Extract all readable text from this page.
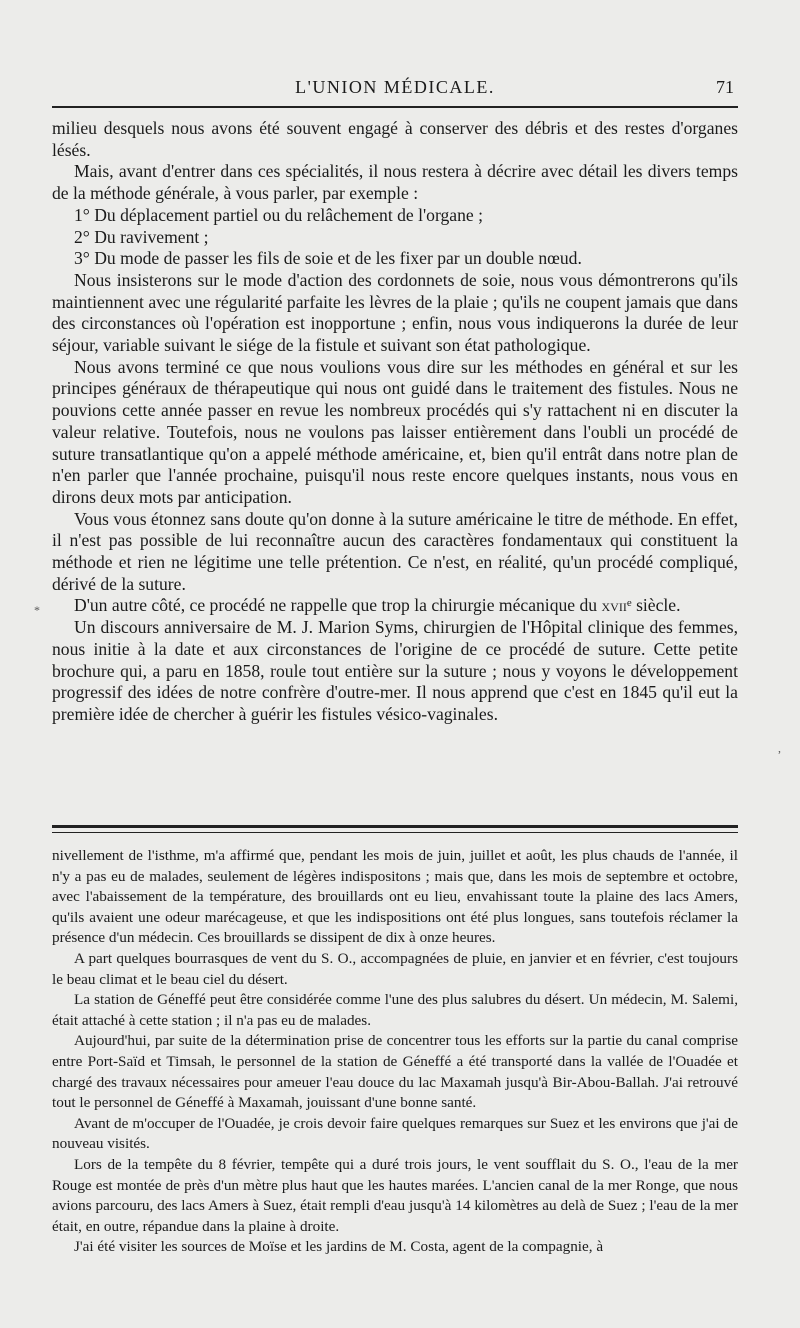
L'UNION MÉDICALE.	71

milieu desquels nous avons été souvent engagé à conserver des débris et des restes d'organes lésés.

Mais, avant d'entrer dans ces spécialités, il nous restera à décrire avec détail les divers temps de la méthode générale, à vous parler, par exemple :

1° Du déplacement partiel ou du relâchement de l'organe ;

2° Du ravivement ;

3° Du mode de passer les fils de soie et de les fixer par un double nœud.

Nous insisterons sur le mode d'action des cordonnets de soie, nous vous démontrerons qu'ils maintiennent avec une régularité parfaite les lèvres de la plaie ; qu'ils ne coupent jamais que dans des circonstances où l'opération est inopportune ; enfin, nous vous indiquerons la durée de leur séjour, variable suivant le siége de la fistule et suivant son état pathologique.

Nous avons terminé ce que nous voulions vous dire sur les méthodes en général et sur les principes généraux de thérapeutique qui nous ont guidé dans le traitement des fistules. Nous ne pouvions cette année passer en revue les nombreux procédés qui s'y rattachent ni en discuter la valeur relative. Toutefois, nous ne voulons pas laisser entièrement dans l'oubli un procédé de suture transatlantique qu'on a appelé méthode américaine, et, bien qu'il entrât dans notre plan de n'en parler que l'année prochaine, puisqu'il nous reste encore quelques instants, nous vous en dirons deux mots par anticipation.

Vous vous étonnez sans doute qu'on donne à la suture américaine le titre de méthode. En effet, il n'est pas possible de lui reconnaître aucun des caractères fondamentaux qui constituent la méthode et rien ne légitime une telle prétention. Ce n'est, en réalité, qu'un procédé compliqué, dérivé de la suture.

D'un autre côté, ce procédé ne rappelle que trop la chirurgie mécanique du xvii$^e$ siècle.

Un discours anniversaire de M. J. Marion Syms, chirurgien de l'Hôpital clinique des femmes, nous initie à la date et aux circonstances de l'origine de ce procédé de suture. Cette petite brochure qui, a paru en 1858, roule tout entière sur la suture ; nous y voyons le développement progressif des idées de notre confrère d'outre-mer. Il nous apprend que c'est en 1845 qu'il eut la première idée de chercher à guérir les fistules vésico-vaginales.

nivellement de l'isthme, m'a affirmé que, pendant les mois de juin, juillet et août, les plus chauds de l'année, il n'y a pas eu de malades, seulement de légères indispositons ; mais que, dans les mois de septembre et octobre, avec l'abaissement de la température, des brouillards ont eu lieu, envahissant toute la plaine des lacs Amers, qu'ils avaient une odeur marécageuse, et que les indispositions ont été plus longues, sans toutefois réclamer la présence d'un médecin. Ces brouillards se dissipent de dix à onze heures.

A part quelques bourrasques de vent du S. O., accompagnées de pluie, en janvier et en février, c'est toujours le beau climat et le beau ciel du désert.

La station de Géneffé peut être considérée comme l'une des plus salubres du désert. Un médecin, M. Salemi, était attaché à cette station ; il n'a pas eu de malades.

Aujourd'hui, par suite de la détermination prise de concentrer tous les efforts sur la partie du canal comprise entre Port-Saïd et Timsah, le personnel de la station de Géneffé a été transporté dans la vallée de l'Ouadée et chargé des travaux nécessaires pour ameuer l'eau douce du lac Maxamah jusqu'à Bir-Abou-Ballah. J'ai retrouvé tout le personnel de Géneffé à Maxamah, jouissant d'une bonne santé.

Avant de m'occuper de l'Ouadée, je crois devoir faire quelques remarques sur Suez et les environs que j'ai de nouveau visités.

Lors de la tempête du 8 février, tempête qui a duré trois jours, le vent soufflait du S. O., l'eau de la mer Rouge est montée de près d'un mètre plus haut que les hautes marées. L'ancien canal de la mer Ronge, que nous avions parcouru, des lacs Amers à Suez, était rempli d'eau jusqu'à 14 kilomètres au delà de Suez ; l'eau de la mer était, en outre, répandue dans la plaine à droite.

J'ai été visiter les sources de Moïse et les jardins de M. Costa, agent de la compagnie, à

*
,
